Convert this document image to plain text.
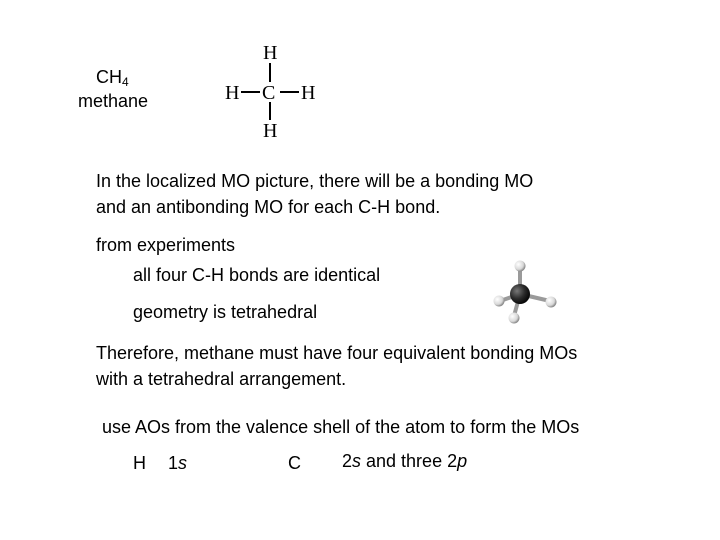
$CH_4$
methane
H
H C H
H
In the localized MO picture, there will be a bonding MO
and an antibonding MO for each C-H bond.
from experiments
all four C-H bonds are identical
geometry is tetrahedral
Therefore, methane must have four equivalent bonding MOs
with a tetrahedral arrangement.
use AOs from the valence shell of the atom to form the MOs
H 1s	C 2s and three 2p
